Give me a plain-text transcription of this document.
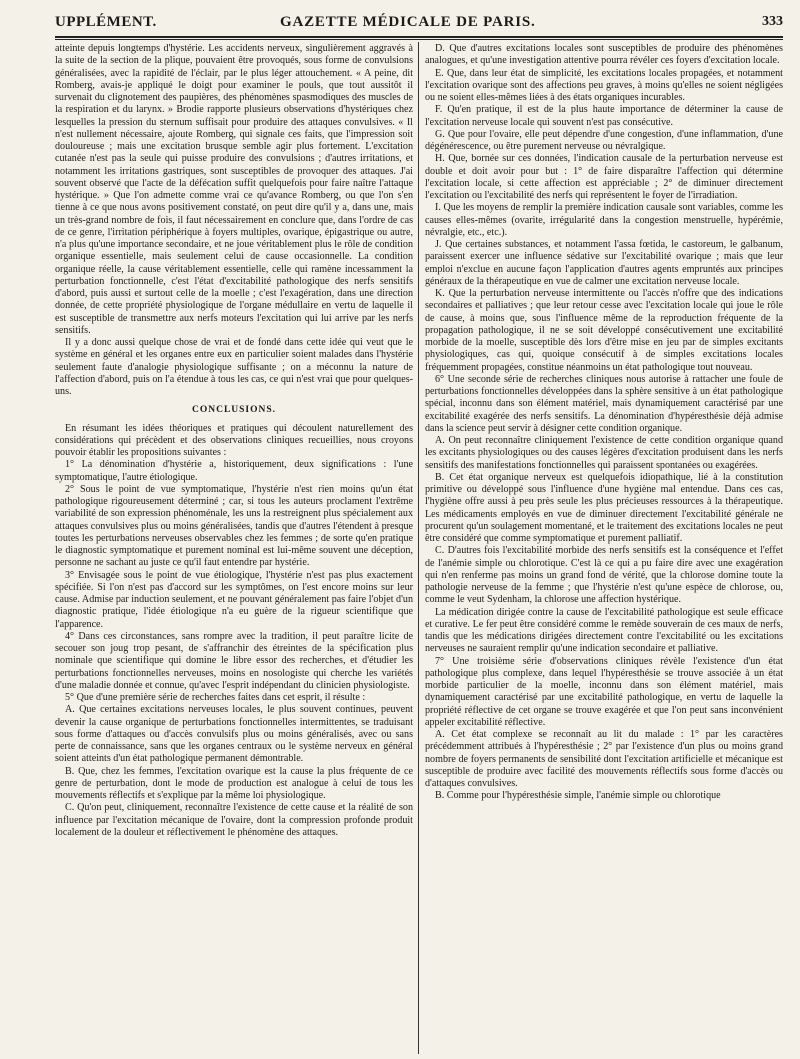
UPPLÉMENT.	GAZETTE MÉDICALE DE PARIS.	333

atteinte depuis longtemps d'hystérie. Les accidents nerveux, singulièrement aggravés à la suite de la section de la plique, pouvaient être provoqués, sous forme de convulsions généralisées, avec la rapidité de l'éclair, par le plus léger attouchement. « A peine, dit Romberg, avais-je appliqué le doigt pour examiner le pouls, que tout aussitôt il survenait du clignotement des paupières, des phénomènes spasmodiques des muscles de la respiration et du larynx. » Brodie rapporte plusieurs observations d'hystériques chez lesquelles la pression du sternum suffisait pour produire des attaques convulsives. « Il n'est nullement nécessaire, ajoute Romberg, qui signale ces faits, que l'impression soit douloureuse ; mais une excitation brusque semble agir plus fortement. L'excitation cutanée n'est pas la seule qui puisse produire des convulsions ; d'autres irritations, et notamment les irritations gastriques, sont susceptibles de provoquer des attaques. J'ai souvent observé que l'acte de la défécation suffit quelquefois pour faire naître l'attaque hystérique. » Que l'on admette comme vrai ce qu'avance Romberg, ou que l'on s'en tienne à ce que nous avons positivement constaté, on peut dire qu'il y a, dans une, mais un très-grand nombre de fois, il faut nécessairement en conclure que, dans l'ordre de cas de ce genre, l'irritation périphérique à foyers multiples, ovarique, épigastrique ou autre, n'a plus qu'une importance secondaire, et ne joue véritablement plus le rôle de condition organique essentielle, mais seulement celui de cause occasionnelle. La condition organique réelle, la cause véritablement essentielle, celle qui ramène incessamment la perturbation fonctionnelle, c'est l'état d'excitabilité pathologique des nerfs sensitifs d'abord, puis aussi et surtout celle de la moelle ; c'est l'exagération, dans une direction donnée, de cette propriété physiologique de l'organe médullaire en vertu de laquelle il est susceptible de transmettre aux nerfs moteurs l'excitation qui lui arrive par les nerfs sensitifs.

Il y a donc aussi quelque chose de vrai et de fondé dans cette idée qui veut que le système en général et les organes entre eux en particulier soient malades dans l'hystérie seulement faute d'analogie physiologique suffisante ; on a méconnu la nature de l'affection d'abord, puis on l'a étendue à tous les cas, ce qui n'est vrai que pour quelques-uns.

CONCLUSIONS.

En résumant les idées théoriques et pratiques qui découlent naturellement des considérations qui précèdent et des observations cliniques recueillies, nous croyons pouvoir établir les propositions suivantes :

1° La dénomination d'hystérie a, historiquement, deux significations : l'une symptomatique, l'autre étiologique.

2° Sous le point de vue symptomatique, l'hystérie n'est rien moins qu'un état pathologique rigoureusement déterminé ; car, si tous les auteurs proclament l'extrême variabilité de son expression phénoménale, les uns la restreignent plus spécialement aux attaques convulsives plus ou moins généralisées, tandis que d'autres l'étendent à presque toutes les perturbations nerveuses observables chez les femmes ; de sorte qu'en pratique le diagnostic symptomatique et purement nominal est lui-même souvent une déception, personne ne sachant au juste ce qu'il faut entendre par hystérie.

3° Envisagée sous le point de vue étiologique, l'hystérie n'est pas plus exactement spécifiée. Si l'on n'est pas d'accord sur les symptômes, on l'est encore moins sur leur cause. Admise par induction seulement, et ne pouvant généralement pas faire l'objet d'un diagnostic pratique, l'idée étiologique n'a eu guère de la rigueur scientifique que l'apparence.

4° Dans ces circonstances, sans rompre avec la tradition, il peut paraître licite de secouer son joug trop pesant, de s'affranchir des étreintes de la spécification plus nominale que scientifique qui domine le libre essor des recherches, et d'étudier les perturbations fonctionnelles nerveuses, moins en nosologiste qui cherche les variétés d'une maladie donnée et connue, qu'avec l'esprit indépendant du clinicien physiologiste.

5° Que d'une première série de recherches faites dans cet esprit, il résulte :

A. Que certaines excitations nerveuses locales, le plus souvent continues, peuvent devenir la cause organique de perturbations fonctionnelles intermittentes, se traduisant sous forme d'attaques ou d'accès convulsifs plus ou moins généralisés, avec ou sans perte de connaissance, sans que les organes centraux ou le système nerveux en général soient atteints d'un état pathologique permanent démontrable.

B. Que, chez les femmes, l'excitation ovarique est la cause la plus fréquente de ce genre de perturbation, dont le mode de production est analogue à celui de tous les mouvements réflectifs et s'explique par la même loi physiologique.

C. Qu'on peut, cliniquement, reconnaître l'existence de cette cause et la réalité de son influence par l'excitation mécanique de l'ovaire, dont la compression profonde produit localement de la douleur et réflectivement le phénomène des attaques.

D. Que d'autres excitations locales sont susceptibles de produire des phénomènes analogues, et qu'une investigation attentive pourra révéler ces foyers d'excitation locale.

E. Que, dans leur état de simplicité, les excitations locales propagées, et notamment l'excitation ovarique sont des affections peu graves, à moins qu'elles ne soient négligées ou ne soient elles-mêmes liées à des états organiques incurables.

F. Qu'en pratique, il est de la plus haute importance de déterminer la cause de l'excitation nerveuse locale qui souvent n'est pas consécutive.

G. Que pour l'ovaire, elle peut dépendre d'une congestion, d'une inflammation, d'une dégénérescence, ou être purement nerveuse ou névralgique.

H. Que, bornée sur ces données, l'indication causale de la perturbation nerveuse est double et doit avoir pour but : 1° de faire disparaître l'affection qui détermine l'excitation locale, si cette affection est appréciable ; 2° de diminuer directement l'excitation ou l'excitabilité des nerfs qui représentent le foyer de l'irradiation.

I. Que les moyens de remplir la première indication causale sont variables, comme les causes elles-mêmes (ovarite, irrégularité dans la congestion menstruelle, hypérémie, névralgie, etc., etc.).

J. Que certaines substances, et notamment l'assa fœtida, le castoreum, le galbanum, paraissent exercer une influence sédative sur l'excitabilité ovarique ; mais que leur emploi n'exclue en aucune façon l'application d'autres agents empruntés aux principes généraux de la thérapeutique en vue de calmer une excitation nerveuse locale.

K. Que la perturbation nerveuse intermittente ou l'accès n'offre que des indications secondaires et palliatives ; que leur retour cesse avec l'excitation locale qui joue le rôle de cause, à moins que, sous l'influence même de la reproduction fréquente de la propagation pathologique, il ne se soit développé consécutivement une excitabilité morbide de la moelle, susceptible dès lors d'être mise en jeu par de simples excitants physiologiques, cas qui, quoique consécutif à de simples excitations locales fréquemment propagées, constitue néanmoins un état pathologique tout nouveau.

6° Une seconde série de recherches cliniques nous autorise à rattacher une foule de perturbations fonctionnelles développées dans la sphère sensitive à un état pathologique spécial, inconnu dans son élément matériel, mais dynamiquement caractérisé par une excitabilité exagérée des nerfs sensitifs. La dénomination d'hypéresthésie déjà admise dans la science peut servir à désigner cette condition organique.

A. On peut reconnaître cliniquement l'existence de cette condition organique quand les excitants physiologiques ou des causes légères d'excitation produisent dans les nerfs sensitifs des manifestations fonctionnelles qui paraissent spontanées ou exagérées.

B. Cet état organique nerveux est quelquefois idiopathique, lié à la constitution primitive ou développé sous l'influence d'une hygiène mal entendue. Dans ces cas, l'hygiène offre aussi à peu près seule les plus précieuses ressources à la thérapeutique. Les médicaments employés en vue de diminuer directement l'excitabilité générale ne procurent qu'un soulagement momentané, et le traitement des excitations locales ne peut être considéré que comme symptomatique et purement palliatif.

C. D'autres fois l'excitabilité morbide des nerfs sensitifs est la conséquence et l'effet de l'anémie simple ou chlorotique. C'est là ce qui a pu faire dire avec une exagération qui n'en renferme pas moins un grand fond de vérité, que la chlorose domine toute la pathologie nerveuse de la femme ; que l'hystérie n'est qu'une espèce de chlorose, ou, comme le veut Sydenham, la chlorose une affection hystérique.

La médication dirigée contre la cause de l'excitabilité pathologique est seule efficace et curative. Le fer peut être considéré comme le remède souverain de ces maux de nerfs, tandis que les médications dirigées directement contre l'excitabilité ou les excitations nerveuses ne sauraient remplir qu'une indication secondaire et palliative.

7° Une troisième série d'observations cliniques révèle l'existence d'un état pathologique plus complexe, dans lequel l'hypéresthésie se trouve associée à un état morbide particulier de la moelle, inconnu dans son élément matériel, mais dynamiquement caractérisé par une excitabilité pathologique, en vertu de laquelle la propriété réflective de cet organe se trouve exagérée et que l'on peut sans inconvénient appeler excitabilité réflective.

A. Cet état complexe se reconnaît au lit du malade : 1° par les caractères précédemment attribués à l'hypéresthésie ; 2° par l'existence d'un plus ou moins grand nombre de foyers permanents de sensibilité dont l'excitation artificielle et mécanique est susceptible de produire avec facilité des mouvements réflectifs sous forme d'accès ou d'attaques convulsives.

B. Comme pour l'hypéresthésie simple, l'anémie simple ou chlorotique
